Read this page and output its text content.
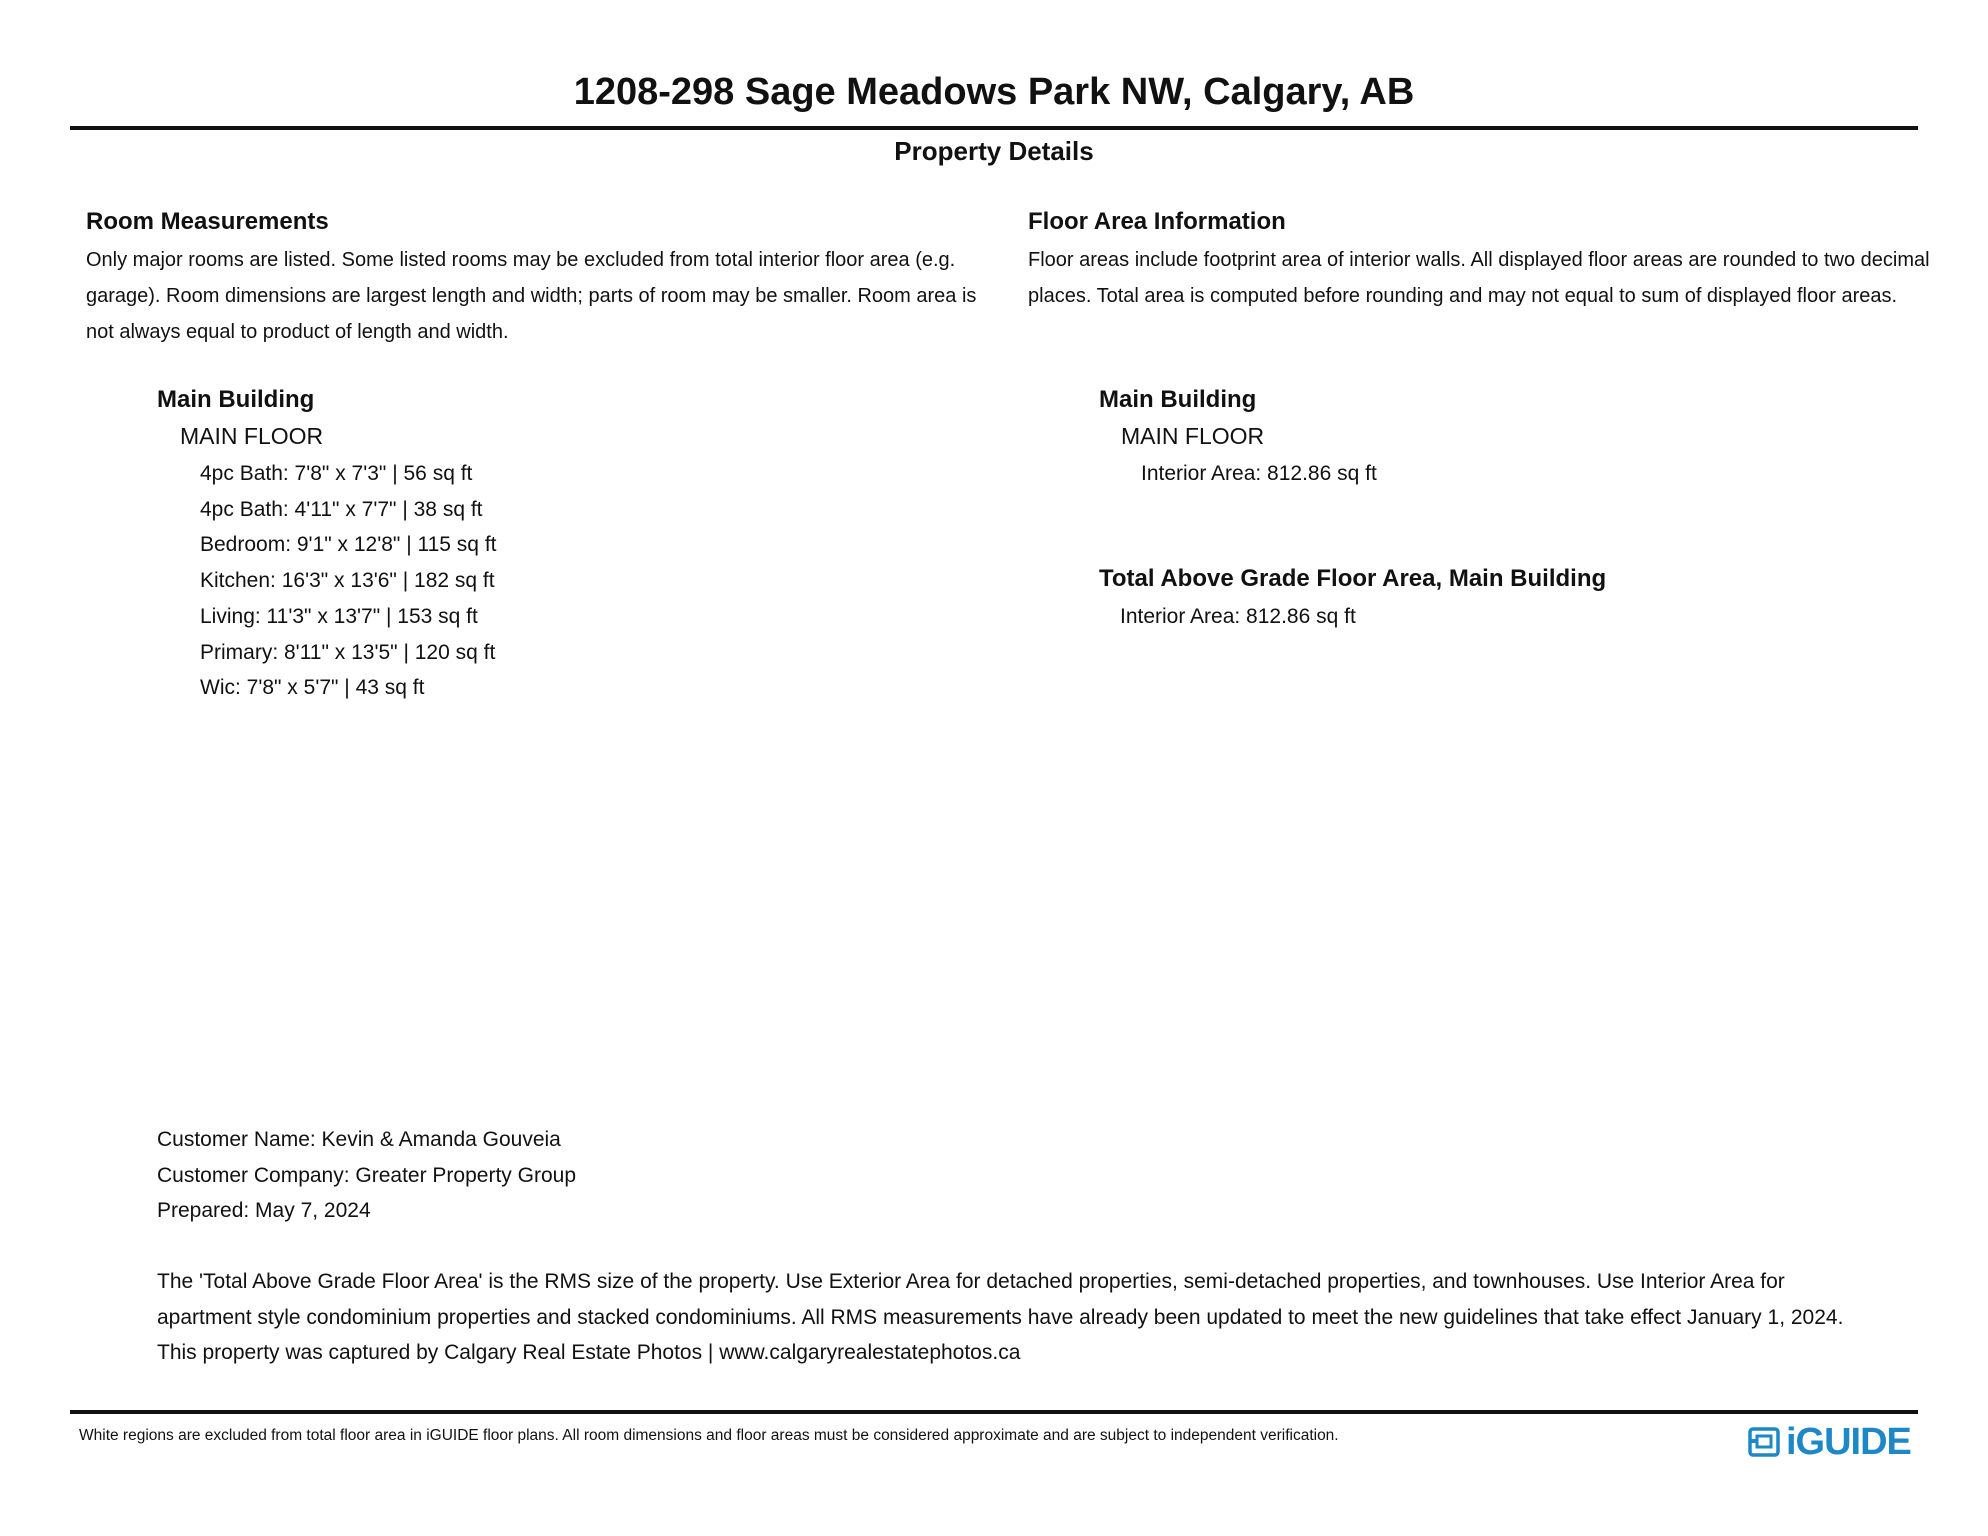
1208-298 Sage Meadows Park NW, Calgary, AB
Property Details
Room Measurements
Only major rooms are listed. Some listed rooms may be excluded from total interior floor area (e.g. garage). Room dimensions are largest length and width; parts of room may be smaller. Room area is not always equal to product of length and width.
Main Building
MAIN FLOOR
4pc Bath: 7'8" x 7'3" | 56 sq ft
4pc Bath: 4'11" x 7'7" | 38 sq ft
Bedroom: 9'1" x 12'8" | 115 sq ft
Kitchen: 16'3" x 13'6" | 182 sq ft
Living: 11'3" x 13'7" | 153 sq ft
Primary: 8'11" x 13'5" | 120 sq ft
Wic: 7'8" x 5'7" | 43 sq ft
Floor Area Information
Floor areas include footprint area of interior walls. All displayed floor areas are rounded to two decimal places. Total area is computed before rounding and may not equal to sum of displayed floor areas.
Main Building
MAIN FLOOR
Interior Area: 812.86 sq ft
Total Above Grade Floor Area, Main Building
Interior Area: 812.86 sq ft
Customer Name: Kevin & Amanda Gouveia
Customer Company: Greater Property Group
Prepared: May 7, 2024
The 'Total Above Grade Floor Area' is the RMS size of the property. Use Exterior Area for detached properties, semi-detached properties, and townhouses. Use Interior Area for apartment style condominium properties and stacked condominiums. All RMS measurements have already been updated to meet the new guidelines that take effect January 1, 2024. This property was captured by Calgary Real Estate Photos | www.calgaryrealestatephotos.ca
White regions are excluded from total floor area in iGUIDE floor plans. All room dimensions and floor areas must be considered approximate and are subject to independent verification.	iGUIDE
